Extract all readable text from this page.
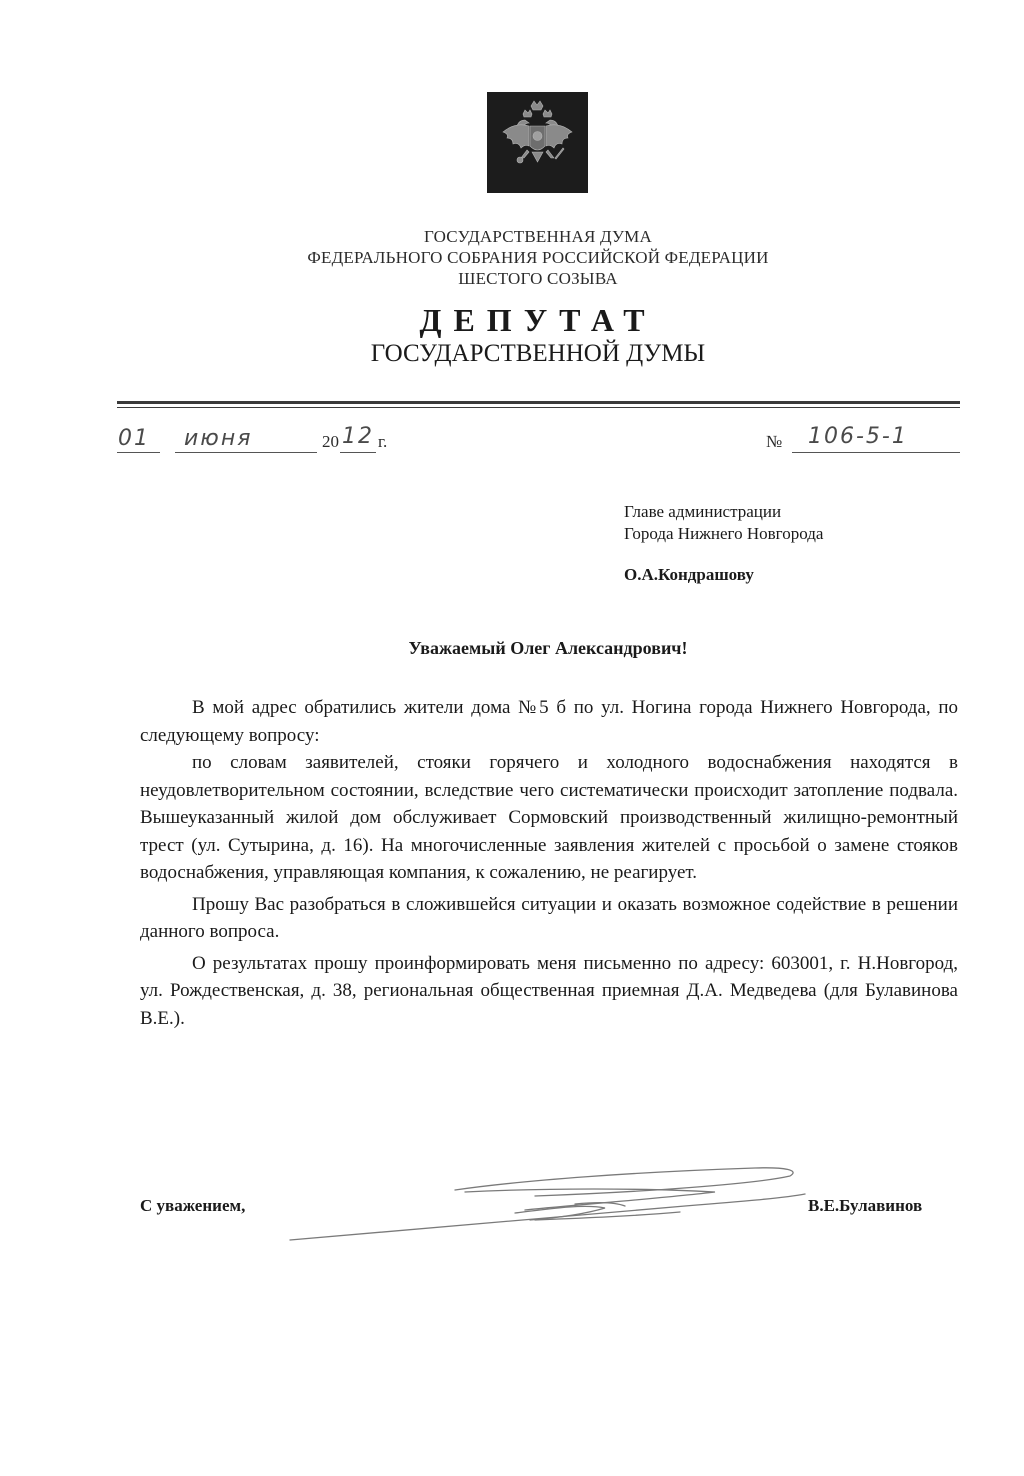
ГОСУДАРСТВЕННАЯ ДУМА
ФЕДЕРАЛЬНОГО СОБРАНИЯ РОССИЙСКОЙ ФЕДЕРАЦИИ
ШЕСТОГО СОЗЫВА
ДЕПУТАТ
ГОСУДАРСТВЕННОЙ ДУМЫ
01 июня	20 12 г.	№ 106-5-1
Главе администрации
Города Нижнего Новгорода
О.А.Кондрашову
Уважаемый Олег Александрович!

В мой адрес обратились жители дома №5 б по ул. Ногина города Нижнего Новгорода, по следующему вопросу:

по словам заявителей, стояки горячего и холодного водоснабжения находятся в неудовлетворительном состоянии, вследствие чего систематически происходит затопление подвала. Вышеуказанный жилой дом обслуживает Сормовский производственный жилищно-ремонтный трест (ул. Сутырина, д. 16). На многочисленные заявления жителей с просьбой о замене стояков водоснабжения, управляющая компания, к сожалению, не реагирует.

Прошу Вас разобраться в сложившейся ситуации и оказать возможное содействие в решении данного вопроса.

О результатах прошу проинформировать меня письменно по адресу: 603001, г. Н.Новгород, ул. Рождественская, д. 38, региональная общественная приемная Д.А. Медведева (для Булавинова В.Е.).

С уважением,	В.Е.Булавинов
